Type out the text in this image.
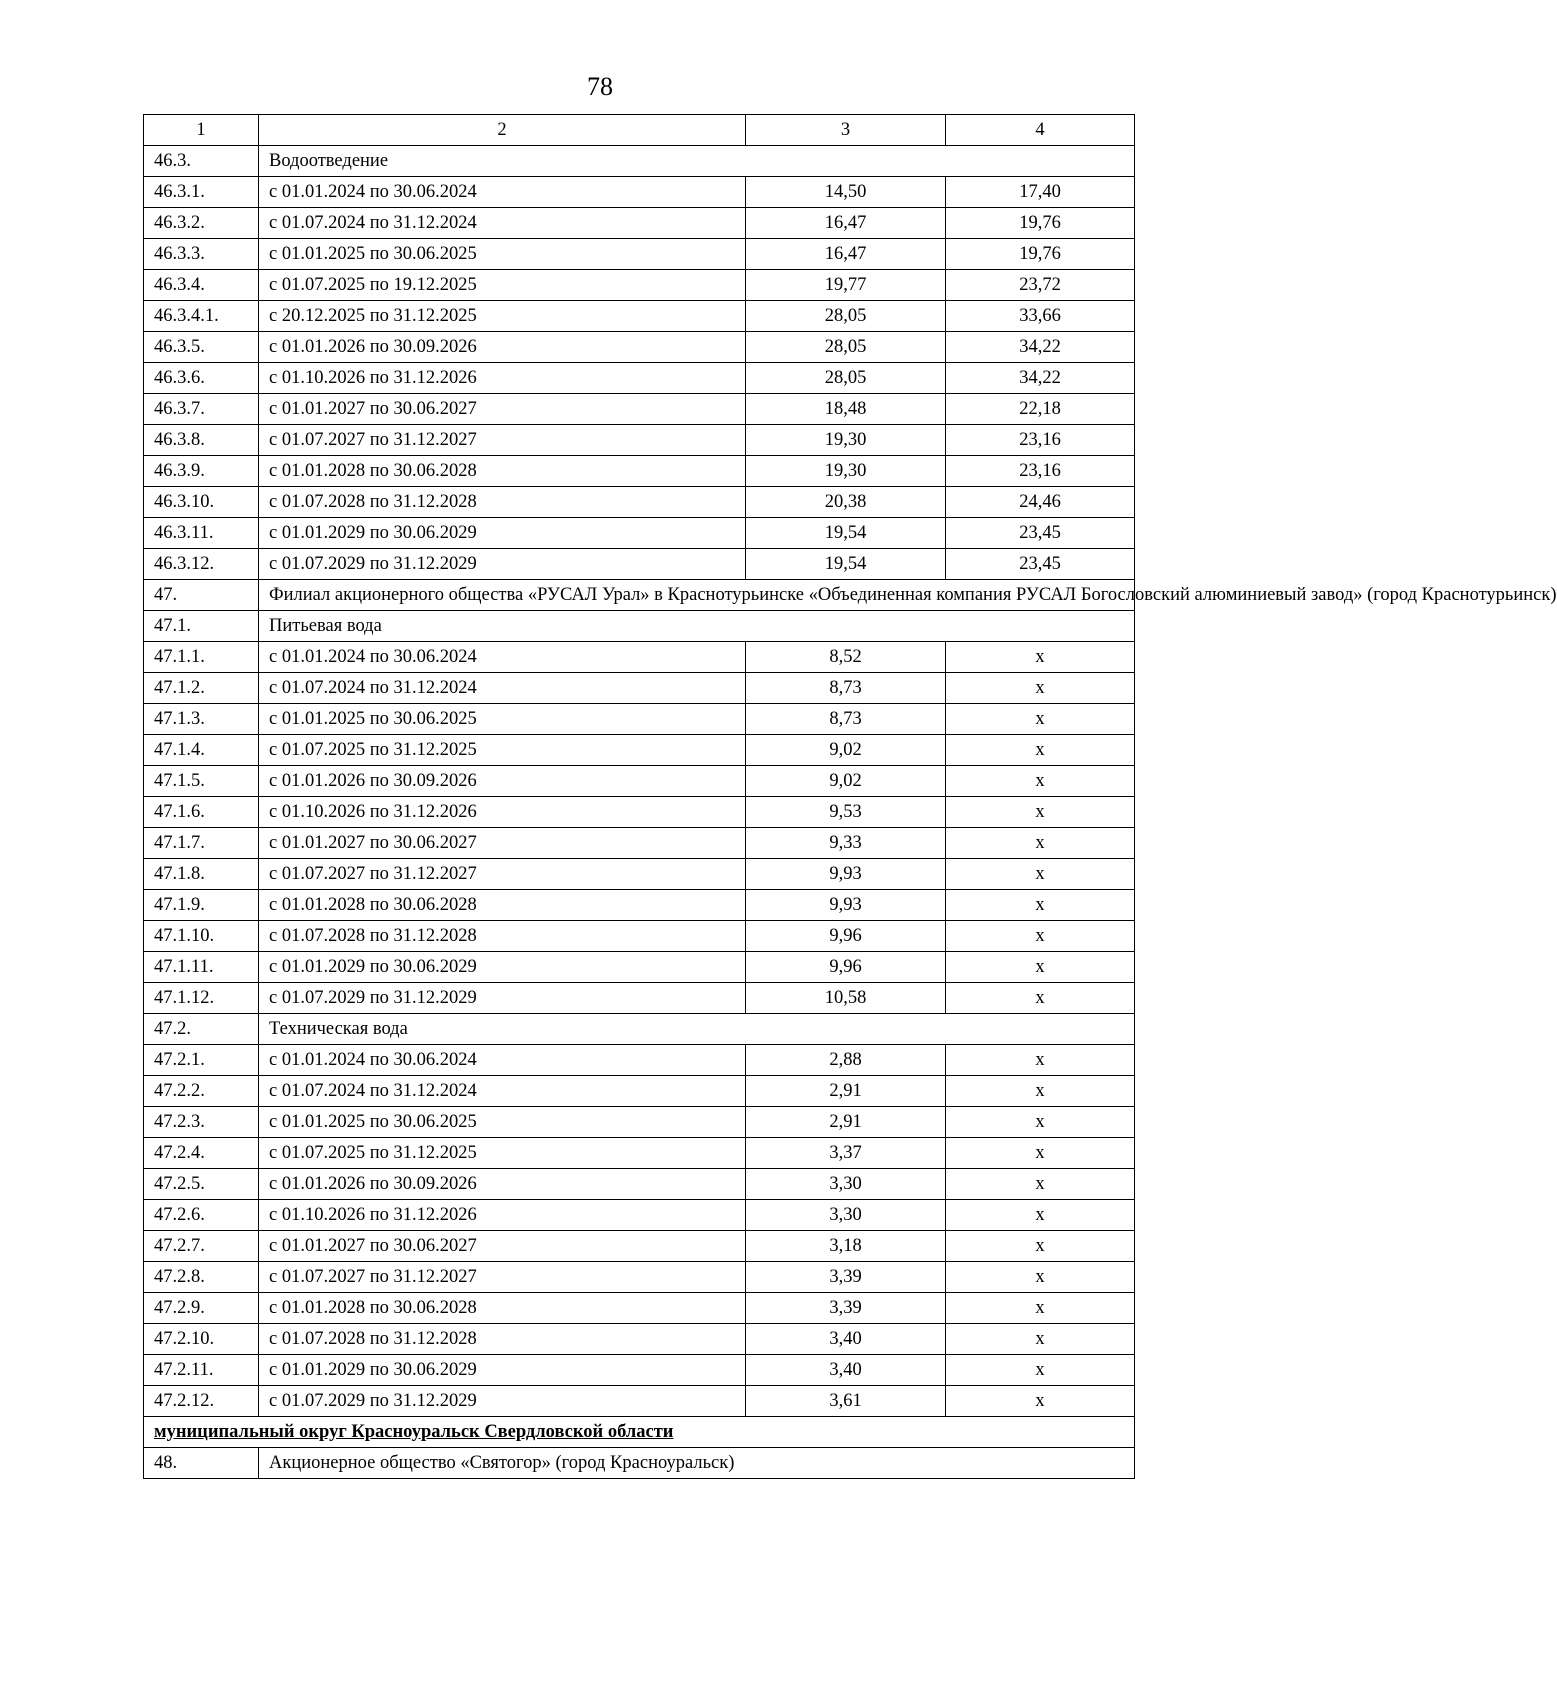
78
1	2	3	4
46.3.	Водоотведение		
46.3.1.	с 01.01.2024 по 30.06.2024	14,50	17,40
46.3.2.	с 01.07.2024 по 31.12.2024	16,47	19,76
46.3.3.	с 01.01.2025 по 30.06.2025	16,47	19,76
46.3.4.	с 01.07.2025 по 19.12.2025	19,77	23,72
46.3.4.1.	с 20.12.2025 по 31.12.2025	28,05	33,66
46.3.5.	с 01.01.2026 по 30.09.2026	28,05	34,22
46.3.6.	с 01.10.2026 по 31.12.2026	28,05	34,22
46.3.7.	с 01.01.2027 по 30.06.2027	18,48	22,18
46.3.8.	с 01.07.2027 по 31.12.2027	19,30	23,16
46.3.9.	с 01.01.2028 по 30.06.2028	19,30	23,16
46.3.10.	с 01.07.2028 по 31.12.2028	20,38	24,46
46.3.11.	с 01.01.2029 по 30.06.2029	19,54	23,45
46.3.12.	с 01.07.2029 по 31.12.2029	19,54	23,45
47.	Филиал акционерного общества «РУСАЛ Урал» в Краснотурьинске «Объединенная компания РУСАЛ Богословский алюминиевый завод» (город Краснотурьинск)		
47.1.	Питьевая вода		
47.1.1.	с 01.01.2024 по 30.06.2024	8,52	х
47.1.2.	с 01.07.2024 по 31.12.2024	8,73	х
47.1.3.	с 01.01.2025 по 30.06.2025	8,73	х
47.1.4.	с 01.07.2025 по 31.12.2025	9,02	х
47.1.5.	с 01.01.2026 по 30.09.2026	9,02	х
47.1.6.	с 01.10.2026 по 31.12.2026	9,53	х
47.1.7.	с 01.01.2027 по 30.06.2027	9,33	х
47.1.8.	с 01.07.2027 по 31.12.2027	9,93	х
47.1.9.	с 01.01.2028 по 30.06.2028	9,93	х
47.1.10.	с 01.07.2028 по 31.12.2028	9,96	х
47.1.11.	с 01.01.2029 по 30.06.2029	9,96	х
47.1.12.	с 01.07.2029 по 31.12.2029	10,58	х
47.2.	Техническая вода		
47.2.1.	с 01.01.2024 по 30.06.2024	2,88	х
47.2.2.	с 01.07.2024 по 31.12.2024	2,91	х
47.2.3.	с 01.01.2025 по 30.06.2025	2,91	х
47.2.4.	с 01.07.2025 по 31.12.2025	3,37	х
47.2.5.	с 01.01.2026 по 30.09.2026	3,30	х
47.2.6.	с 01.10.2026 по 31.12.2026	3,30	х
47.2.7.	с 01.01.2027 по 30.06.2027	3,18	х
47.2.8.	с 01.07.2027 по 31.12.2027	3,39	х
47.2.9.	с 01.01.2028 по 30.06.2028	3,39	х
47.2.10.	с 01.07.2028 по 31.12.2028	3,40	х
47.2.11.	с 01.01.2029 по 30.06.2029	3,40	х
47.2.12.	с 01.07.2029 по 31.12.2029	3,61	х
муниципальный округ Красноуральск Свердловской области			
48.	Акционерное общество «Святогор» (город Красноуральск)		
